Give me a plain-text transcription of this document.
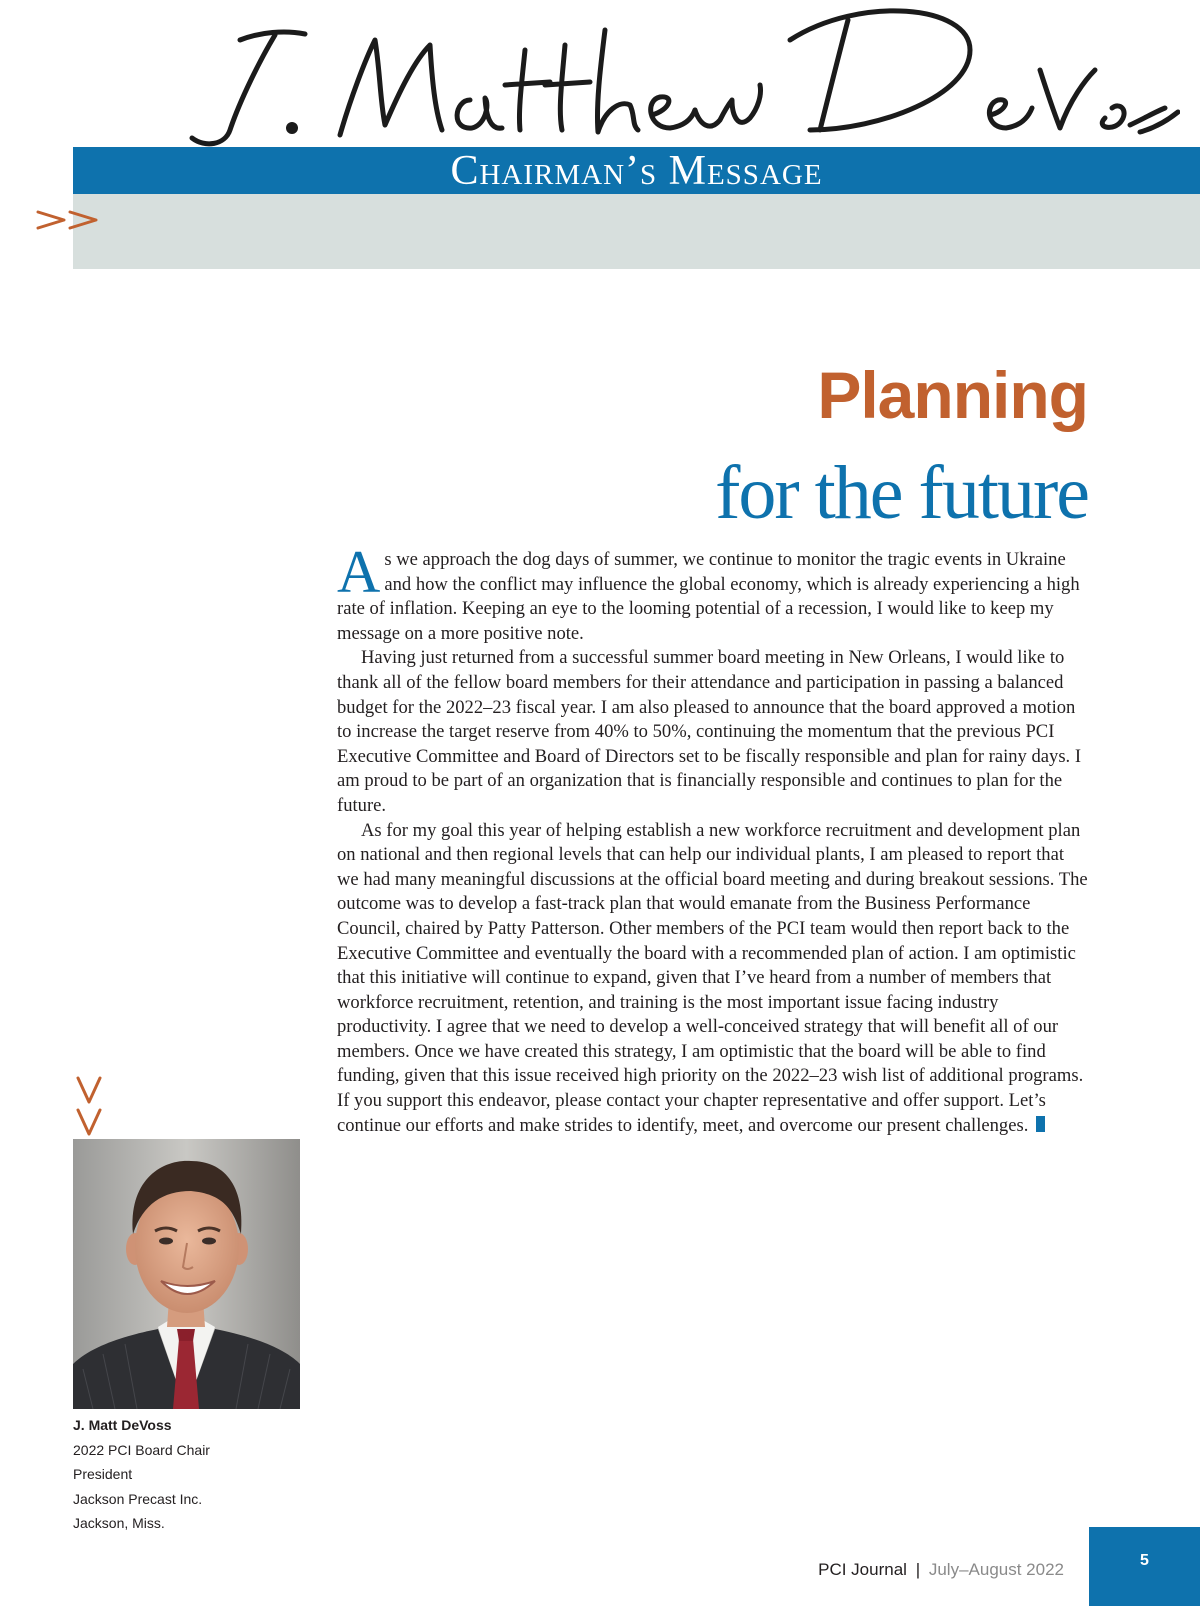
Chairman’s Message
Planning
for the future

As we approach the dog days of summer, we continue to monitor the tragic events in Ukraine and how the conflict may influence the global economy, which is already experiencing a high rate of inflation. Keeping an eye to the looming potential of a recession, I would like to keep my message on a more positive note.

Having just returned from a successful summer board meeting in New Orleans, I would like to thank all of the fellow board members for their attendance and participation in passing a balanced budget for the 2022–23 fiscal year. I am also pleased to announce that the board approved a motion to increase the target reserve from 40% to 50%, continuing the momentum that the previous PCI Executive Committee and Board of Directors set to be fiscally responsible and plan for rainy days. I am proud to be part of an organization that is financially responsible and continues to plan for the future.

As for my goal this year of helping establish a new workforce recruitment and development plan on national and then regional levels that can help our individual plants, I am pleased to report that we had many meaningful discussions at the official board meeting and during breakout sessions. The outcome was to develop a fast-track plan that would emanate from the Business Performance Council, chaired by Patty Patterson. Other members of the PCI team would then report back to the Executive Committee and eventually the board with a recommended plan of action. I am optimistic that this initiative will continue to expand, given that I’ve heard from a number of members that workforce recruitment, retention, and training is the most important issue facing industry productivity. I agree that we need to develop a well-conceived strategy that will benefit all of our members. Once we have created this strategy, I am optimistic that the board will be able to find funding, given that this issue received high priority on the 2022–23 wish list of additional programs. If you support this endeavor, please contact your chapter representative and offer support. Let’s continue our efforts and make strides to identify, meet, and overcome our present challenges.

J. Matt DeVoss
2022 PCI Board Chair
President
Jackson Precast Inc.
Jackson, Miss.
PCI Journal | July–August 2022	5
